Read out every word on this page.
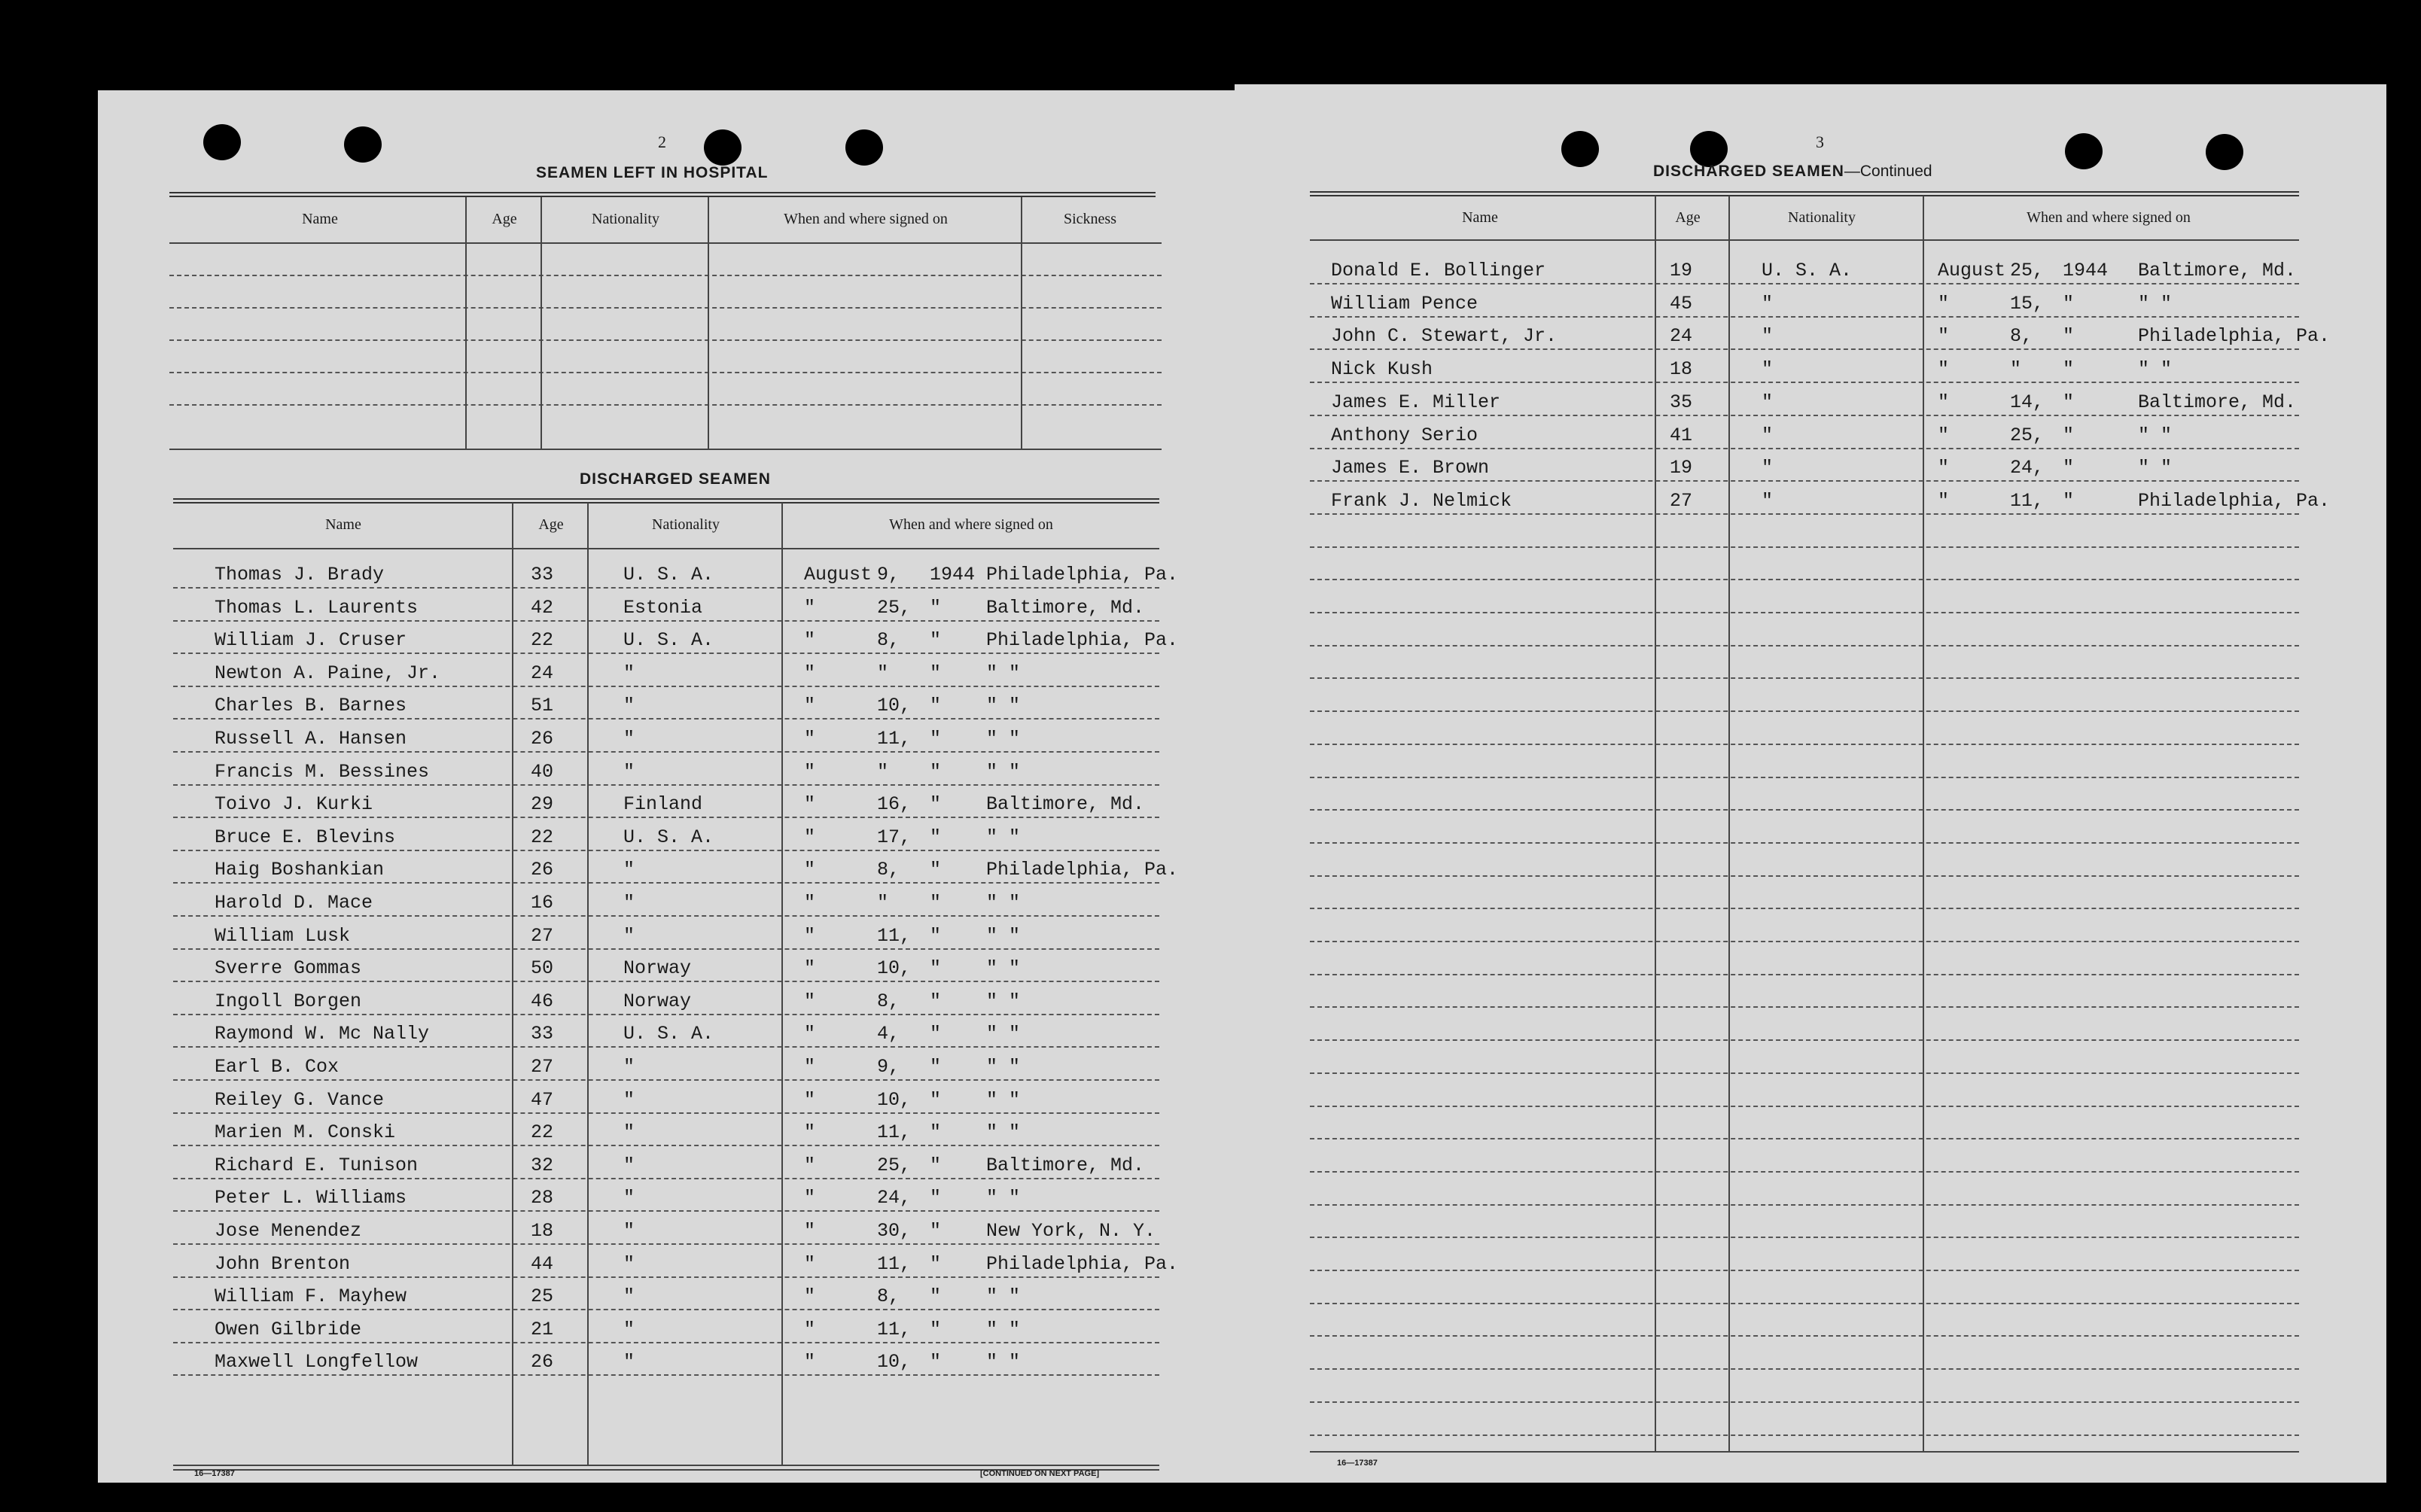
2
SEAMEN LEFT IN HOSPITAL
Name	Age	Nationality	When and where signed on	Sickness
DISCHARGED SEAMEN
Name	Age	Nationality	When and where signed on
Thomas J. Brady	33	U. S. A.	August 9, 1944 Philadelphia, Pa.
Thomas L. Laurents	42	Estonia	"	25, " Baltimore, Md.
William J. Cruser	22	U. S. A.	"	8, " Philadelphia, Pa.
Newton A. Paine, Jr.	24	"	"	" " " "
Charles B. Barnes	51	"	"	10, " " "
Russell A. Hansen	26	"	"	11, " " "
Francis M. Bessines	40	"	"	" " " "
Toivo J. Kurki	29	Finland	"	16, " Baltimore, Md.
Bruce E. Blevins	22	U. S. A.	"	17, " " "
Haig Boshankian	26	"	"	8, " Philadelphia, Pa.
Harold D. Mace	16	"	"	" " " "
William Lusk	27	"	"	11, " " "
Sverre Gommas	50	Norway	"	10, " " "
Ingoll Borgen	46	Norway	"	8, " " "
Raymond W. Mc Nally	33	U. S. A.	"	4, " " "
Earl B. Cox	27	"	"	9, " " "
Reiley G. Vance	47	"	"	10, " " "
Marien M. Conski	22	"	"	11, " " "
Richard E. Tunison	32	"	"	25, " Baltimore, Md.
Peter L. Williams	28	"	"	24, " " "
Jose Menendez	18	"	"	30, " New York, N. Y.
John Brenton	44	"	"	11, " Philadelphia, Pa.
William F. Mayhew	25	"	"	8, " " "
Owen Gilbride	21	"	"	11, " " "
Maxwell Longfellow	26	"	"	10, " " "
16—17387	[CONTINUED ON NEXT PAGE]
3
DISCHARGED SEAMEN—Continued
Name	Age	Nationality	When and where signed on
Donald E. Bollinger	19	U. S. A.	August 25, 1944 Baltimore, Md.
William Pence	45	"	"	15, "	" "
John C. Stewart, Jr.	24	"	"	8, "	Philadelphia, Pa.
Nick Kush	18	"	"	" "	" "
James E. Miller	35	"	"	14, "	Baltimore, Md.
Anthony Serio	41	"	"	25, "	" "
James E. Brown	19	"	"	24, "	" "
Frank J. Nelmick	27	"	"	11, "	Philadelphia, Pa.
16—17387
